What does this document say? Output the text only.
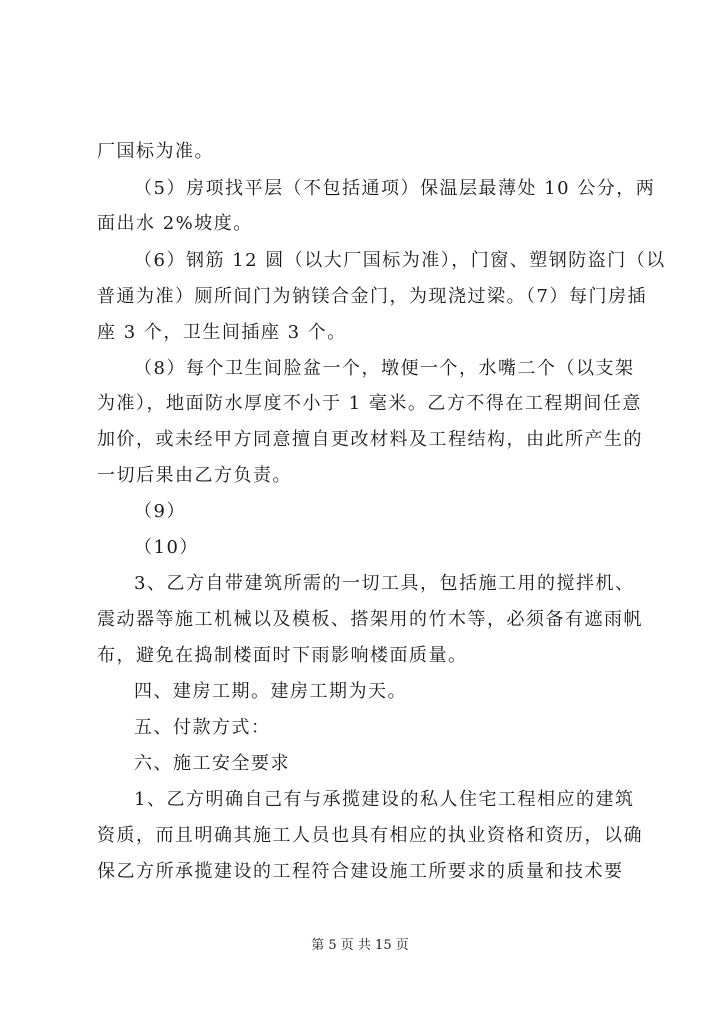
厂国标为准。
（5）房项找平层（不包括通项）保温层最薄处 10 公分，两
面出水 2%坡度。
（6）钢筋 12 圆（以大厂国标为准），门窗、塑钢防盗门（以
普通为准）厕所间门为钠镁合金门，为现浇过梁。（7）每门房插
座 3 个，卫生间插座 3 个。
（8）每个卫生间脸盆一个，墩便一个，水嘴二个（以支架
为准），地面防水厚度不小于 1 毫米。乙方不得在工程期间任意
加价，或未经甲方同意擅自更改材料及工程结构，由此所产生的
一切后果由乙方负责。
（9）
（10）
3、乙方自带建筑所需的一切工具，包括施工用的搅拌机、
震动器等施工机械以及模板、搭架用的竹木等，必须备有遮雨帆
布，避免在捣制楼面时下雨影响楼面质量。
四、建房工期。建房工期为天。
五、付款方式：
六、施工安全要求
1、乙方明确自己有与承揽建设的私人住宅工程相应的建筑
资质，而且明确其施工人员也具有相应的执业资格和资历，以确
保乙方所承揽建设的工程符合建设施工所要求的质量和技术要
第 5 页 共 15 页
